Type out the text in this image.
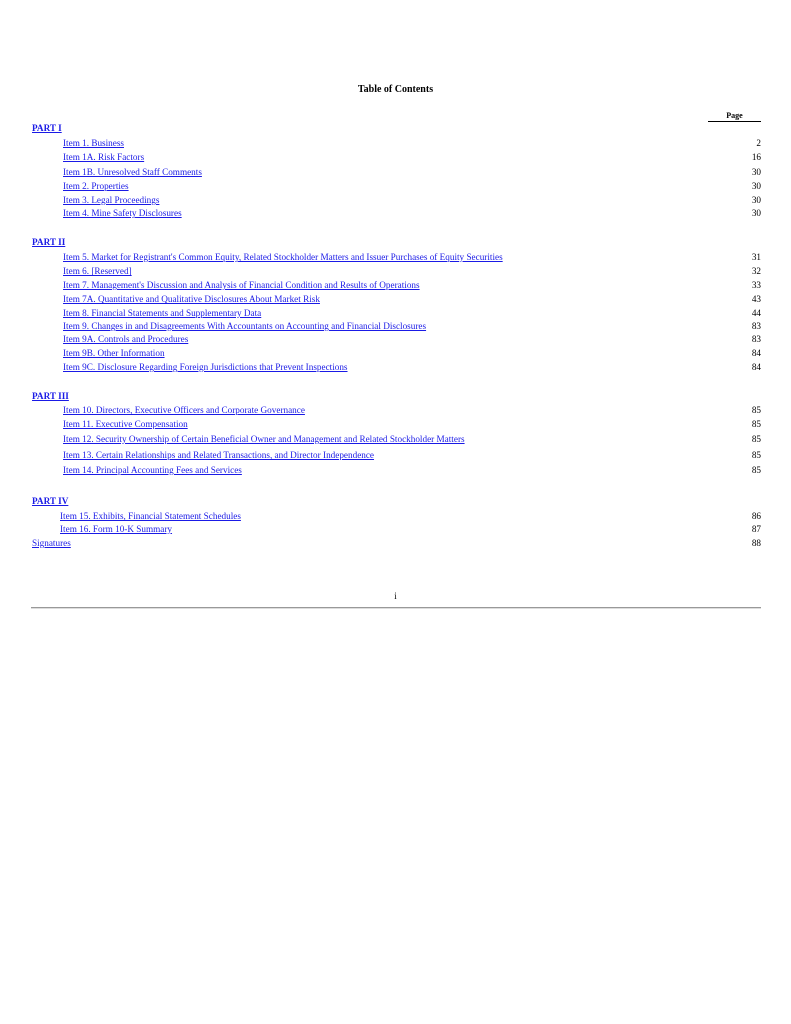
Table of Contents
Page
PART I
Item 1. Business	2
Item 1A. Risk Factors	16
Item 1B. Unresolved Staff Comments	30
Item 2. Properties	30
Item 3. Legal Proceedings	30
Item 4. Mine Safety Disclosures	30
PART II
Item 5. Market for Registrant's Common Equity, Related Stockholder Matters and Issuer Purchases of Equity Securities	31
Item 6. [Reserved]	32
Item 7. Management's Discussion and Analysis of Financial Condition and Results of Operations	33
Item 7A. Quantitative and Qualitative Disclosures About Market Risk	43
Item 8. Financial Statements and Supplementary Data	44
Item 9. Changes in and Disagreements With Accountants on Accounting and Financial Disclosures	83
Item 9A. Controls and Procedures	83
Item 9B. Other Information	84
Item 9C. Disclosure Regarding Foreign Jurisdictions that Prevent Inspections	84
PART III
Item 10. Directors, Executive Officers and Corporate Governance	85
Item 11. Executive Compensation	85
Item 12. Security Ownership of Certain Beneficial Owner and Management and Related Stockholder Matters	85
Item 13. Certain Relationships and Related Transactions, and Director Independence	85
Item 14. Principal Accounting Fees and Services	85
PART IV
Item 15. Exhibits, Financial Statement Schedules	86
Item 16. Form 10-K Summary	87
Signatures	88
i
